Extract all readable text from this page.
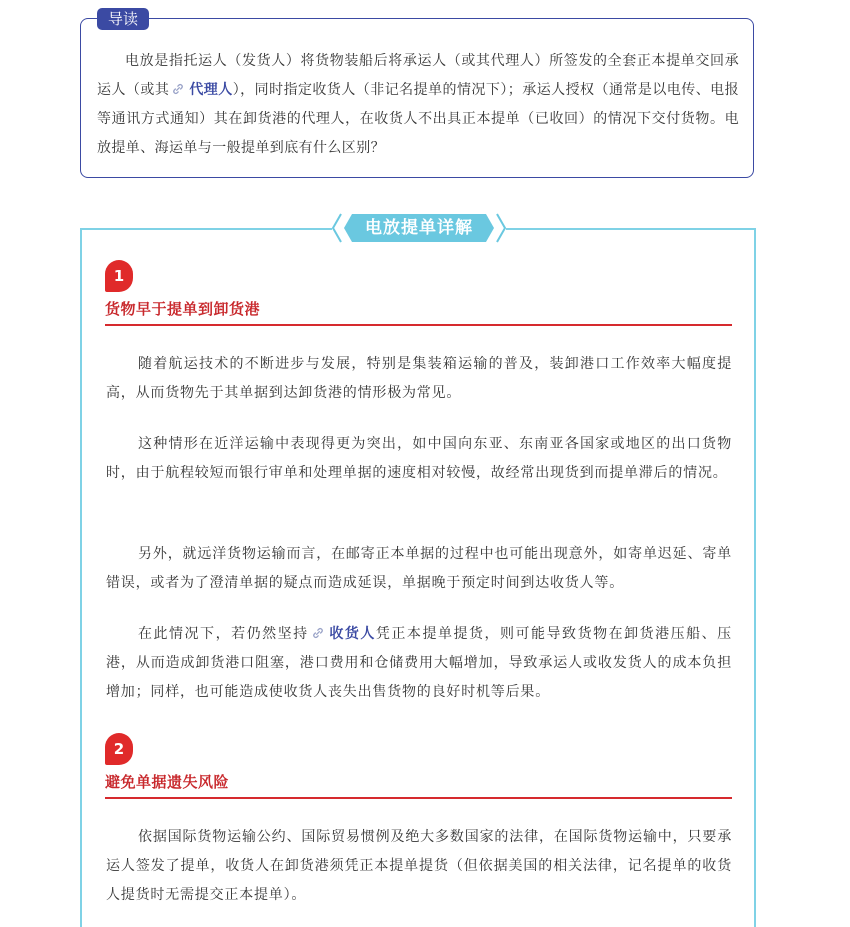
导读

电放是指托运人（发货人）将货物装船后将承运人（或其代理人）所签发的全套正本提单交回承运人（或其 代理人），同时指定收货人（非记名提单的情况下）；承运人授权（通常是以电传、电报等通讯方式通知）其在卸货港的代理人，在收货人不出具正本提单（已收回）的情况下交付货物。电放提单、海运单与一般提单到底有什么区别？

电放提单详解
1
货物早于提单到卸货港

随着航运技术的不断进步与发展，特别是集装箱运输的普及，装卸港口工作效率大幅度提高，从而货物先于其单据到达卸货港的情形极为常见。

这种情形在近洋运输中表现得更为突出，如中国向东亚、东南亚各国家或地区的出口货物时，由于航程较短而银行审单和处理单据的速度相对较慢，故经常出现货到而提单滞后的情况。

另外，就远洋货物运输而言，在邮寄正本单据的过程中也可能出现意外，如寄单迟延、寄单错误，或者为了澄清单据的疑点而造成延误，单据晚于预定时间到达收货人等。

在此情况下，若仍然坚持 收货人凭正本提单提货，则可能导致货物在卸货港压船、压港，从而造成卸货港口阻塞，港口费用和仓储费用大幅增加，导致承运人或收发货人的成本负担增加；同样，也可能造成使收货人丧失出售货物的良好时机等后果。

2
避免单据遗失风险

依据国际货物运输公约、国际贸易惯例及绝大多数国家的法律，在国际货物运输中，只要承运人签发了提单，收货人在卸货港须凭正本提单提货（但依据美国的相关法律，记名提单的收货人提货时无需提交正本提单）。
